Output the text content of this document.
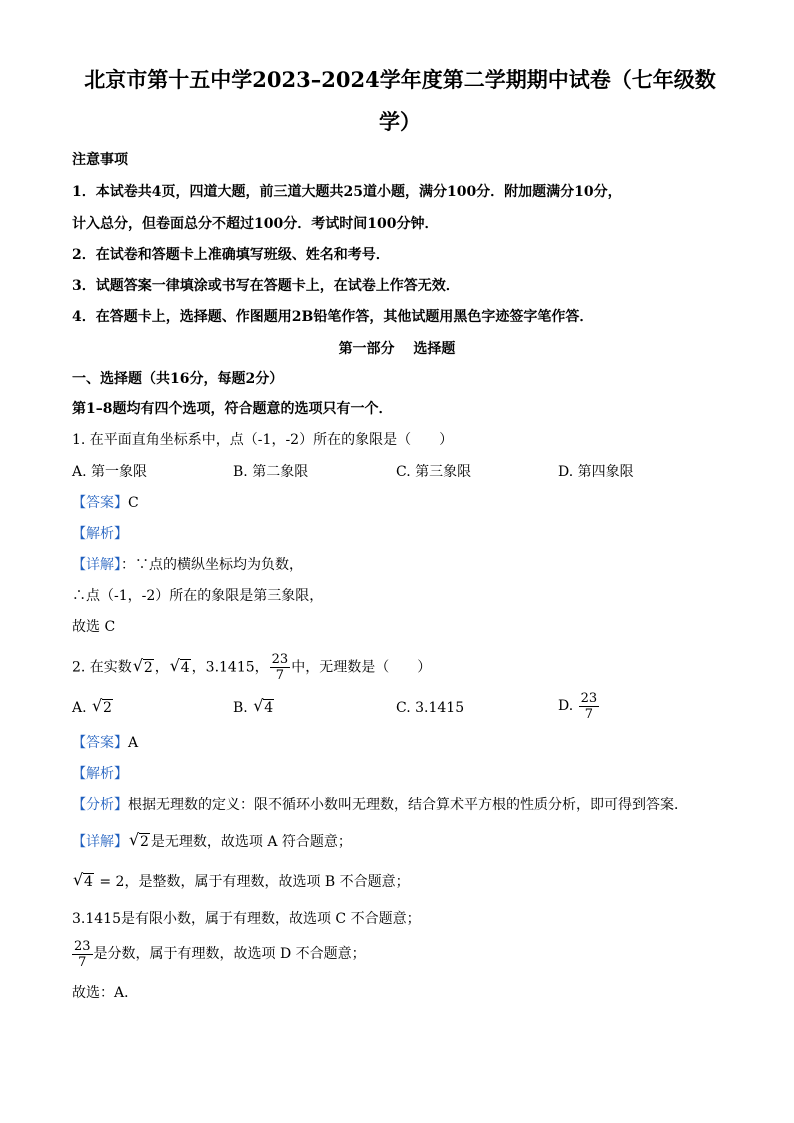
北京市第十五中学2023–2024学年度第二学期期中试卷（七年级数
学）
注意事项
1．本试卷共4页，四道大题，前三道大题共25道小题，满分100分．附加题满分10分，
计入总分，但卷面总分不超过100分．考试时间100分钟．
2．在试卷和答题卡上准确填写班级、姓名和考号．
3．试题答案一律填涂或书写在答题卡上，在试卷上作答无效．
4．在答题卡上，选择题、作图题用2B铅笔作答，其他试题用黑色字迹签字笔作答．
第一部分　 选择题
一、选择题（共16分，每题2分）
第1–8题均有四个选项，符合题意的选项只有一个．
1. 在平面直角坐标系中，点（-1，-2）所在的象限是（　　）
A. 第一象限	B. 第二象限	C. 第三象限	D. 第四象限
【答案】C
【解析】
【详解】：∵点的横纵坐标均为负数，
∴点（-1，-2）所在的象限是第三象限，
故选 C
2. 在实数 √ 2 ， √ 4 ，3.1415， $\frac{23}{7}$ 中，无理数是（　　）
A. √ 2	B. √ 4	C. 3.1415	D. $\frac{23}{7}$
【答案】A
【解析】
【分析】根据无理数的定义：限不循环小数叫无理数，结合算术平方根的性质分析，即可得到答案．
【详解】 √ 2 是无理数，故选项 A 符合题意；
√ 4 = 2，是整数，属于有理数，故选项 B 不合题意；
3.1415是有限小数，属于有理数，故选项 C 不合题意；
$\frac{23}{7}$ 是分数，属于有理数，故选项 D 不合题意；
故选：A．
